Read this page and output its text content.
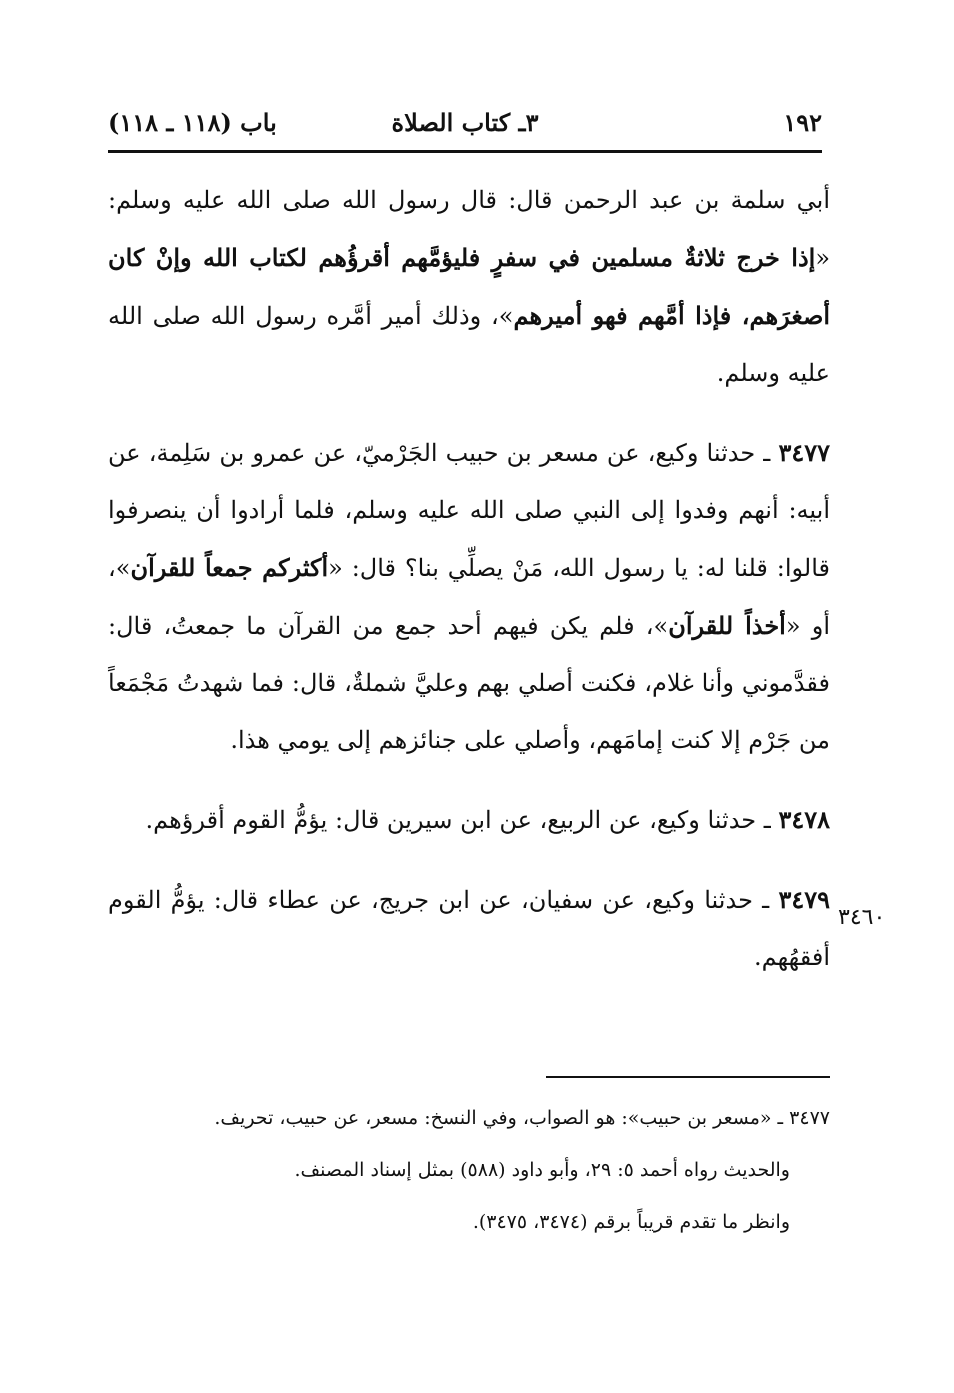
١٩٢
٣ـ كتاب الصلاة
باب (١١٨ ـ ١١٨)

أبي سلمة بن عبد الرحمن قال: قال رسول الله صلى الله عليه وسلم: «إذا خرج ثلاثةٌ مسلمين في سفرٍ فليؤمَّهم أقرؤُهم لكتاب الله وإنْ كان أصغرَهم، فإذا أمَّهم فهو أميرهم»، وذلك أمير أمَّره رسول الله صلى الله عليه وسلم.

٣٤٧٧ ـ حدثنا وكيع، عن مسعر بن حبيب الجَرْميّ، عن عمرو بن سَلِمة، عن أبيه: أنهم وفدوا إلى النبي صلى الله عليه وسلم، فلما أرادوا أن ينصرفوا قالوا: قلنا له: يا رسول الله، مَنْ يصلِّي بنا؟ قال: «أكثركم جمعاً للقرآن»، أو «أخذاً للقرآن»، فلم يكن فيهم أحد جمع من القرآن ما جمعتُ، قال: فقدَّموني وأنا غلام، فكنت أصلي بهم وعليَّ شملةٌ، قال: فما شهدتُ مَجْمَعاً من جَرْم إلا كنت إمامَهم، وأصلي على جنائزهم إلى يومي هذا.

٣٤٧٨ ـ حدثنا وكيع، عن الربيع، عن ابن سيرين قال: يؤمُّ القوم أقرؤهم.

٣٤٧٩ ـ حدثنا وكيع، عن سفيان، عن ابن جريج، عن عطاء قال: يؤمُّ القوم أفقهُهم.

٣٤٦٠

٣٤٧٧ ـ «مسعر بن حبيب»: هو الصواب، وفي النسخ: مسعر، عن حبيب، تحريف.

والحديث رواه أحمد ٥: ٢٩، وأبو داود (٥٨٨) بمثل إسناد المصنف.

وانظر ما تقدم قريباً برقم (٣٤٧٤، ٣٤٧٥).
